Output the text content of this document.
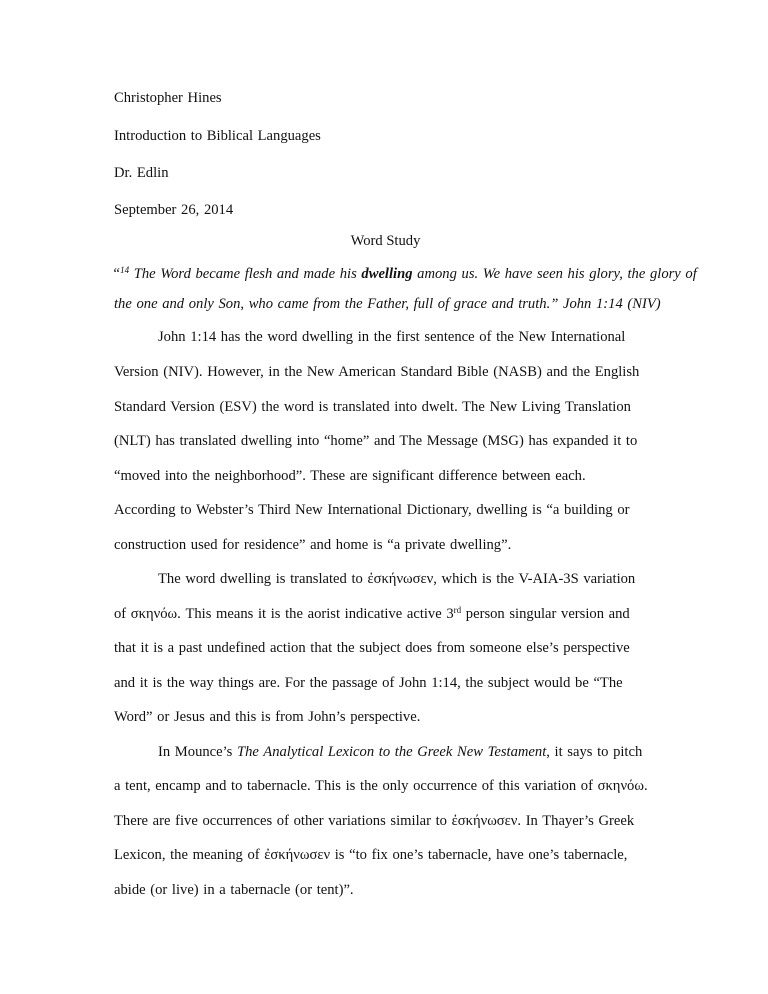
Christopher Hines
Introduction to Biblical Languages
Dr. Edlin
September 26, 2014
Word Study
“$^{14}$ The Word became flesh and made his dwelling among us. We have seen his glory, the glory of
the one and only Son, who came from the Father, full of grace and truth.” John 1:14 (NIV)
John 1:14 has the word dwelling in the first sentence of the New International
Version (NIV). However, in the New American Standard Bible (NASB) and the English
Standard Version (ESV) the word is translated into dwelt. The New Living Translation
(NLT) has translated dwelling into “home” and The Message (MSG) has expanded it to
“moved into the neighborhood”. These are significant difference between each.
According to Webster’s Third New International Dictionary, dwelling is “a building or
construction used for residence” and home is “a private dwelling”.
The word dwelling is translated to ἐσκήνωσεν, which is the V-AIA-3S variation
of σκηνόω. This means it is the aorist indicative active 3rd person singular version and
that it is a past undefined action that the subject does from someone else’s perspective
and it is the way things are. For the passage of John 1:14, the subject would be “The
Word” or Jesus and this is from John’s perspective.
In Mounce’s The Analytical Lexicon to the Greek New Testament, it says to pitch
a tent, encamp and to tabernacle. This is the only occurrence of this variation of σκηνόω.
There are five occurrences of other variations similar to ἐσκήνωσεν. In Thayer’s Greek
Lexicon, the meaning of ἐσκήνωσεν is “to fix one’s tabernacle, have one’s tabernacle,
abide (or live) in a tabernacle (or tent)”.
